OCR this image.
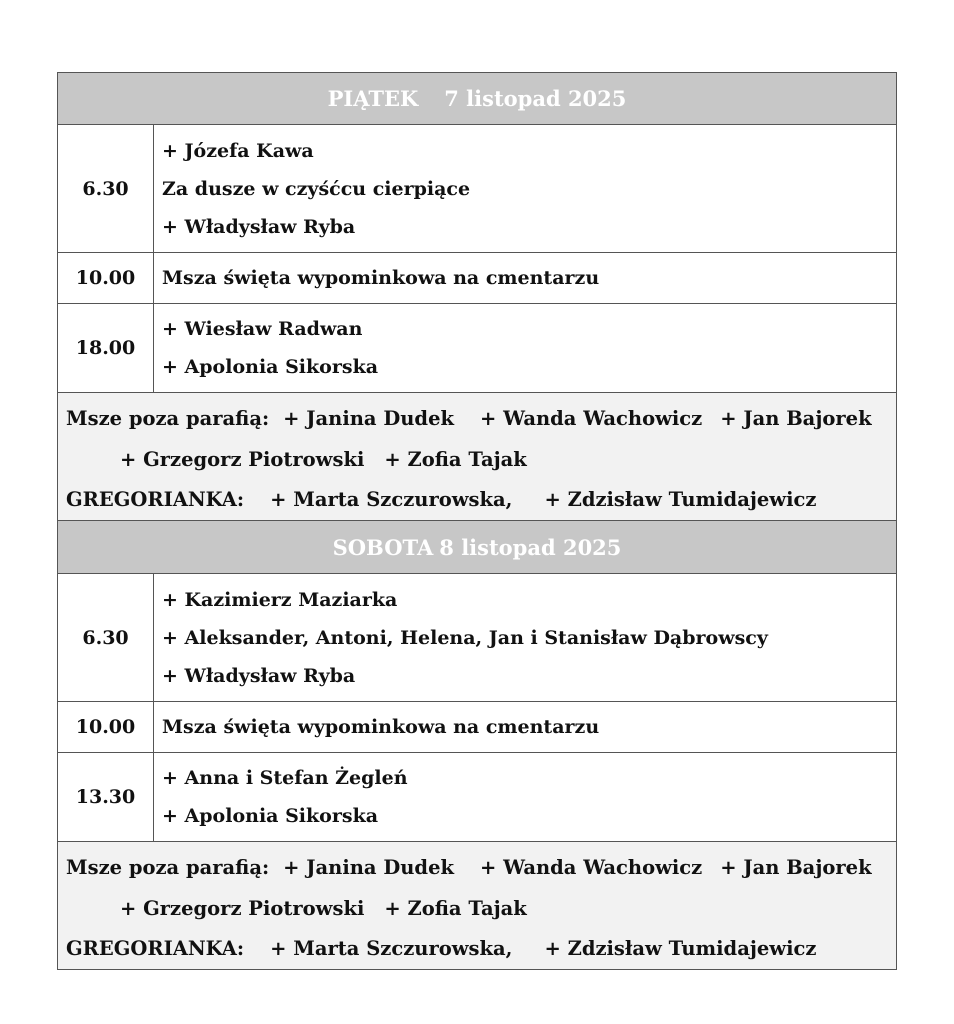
PIĄTEK 7 listopad 2025
6.30
+ Józefa Kawa
Za dusze w czyśćcu cierpiące
+ Władysław Ryba
10.00	Msza święta wypominkowa na cmentarzu
18.00
+ Wiesław Radwan
+ Apolonia Sikorska
Msze poza parafią: + Janina Dudek + Wanda Wachowicz + Jan Bajorek
+ Grzegorz Piotrowski + Zofia Tajak
GREGORIANKA: + Marta Szczurowska, + Zdzisław Tumidajewicz
SOBOTA 8 listopad 2025
6.30
+ Kazimierz Maziarka
+ Aleksander, Antoni, Helena, Jan i Stanisław Dąbrowscy
+ Władysław Ryba
10.00	Msza święta wypominkowa na cmentarzu
13.30
+ Anna i Stefan Żegleń
+ Apolonia Sikorska
Msze poza parafią: + Janina Dudek + Wanda Wachowicz + Jan Bajorek
+ Grzegorz Piotrowski + Zofia Tajak
GREGORIANKA: + Marta Szczurowska, + Zdzisław Tumidajewicz
